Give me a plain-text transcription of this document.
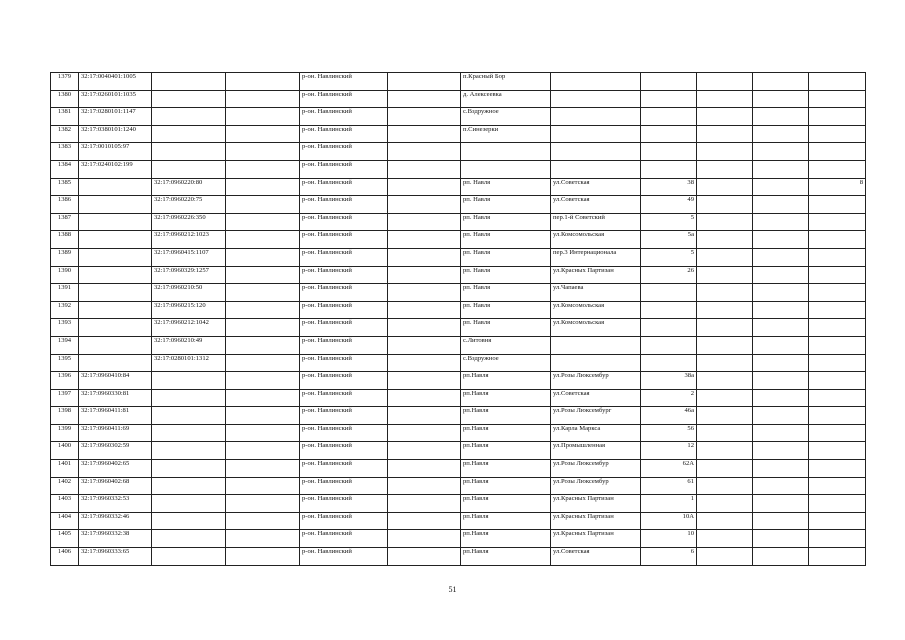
1379	32:17:0040401:1005			р-он. Навлинский		п.Красный Бор					
1380	32:17:0260101:1035			р-он. Навлинский		д. Алексеевка					
1381	32:17:0280101:1147			р-он. Навлинский		с.Вздружное					
1382	32:17:0380101:1240			р-он. Навлинский		п.Синезерки					
1383	32:17:0010105:97			р-он. Навлинский							
1384	32:17:0240102:199			р-он. Навлинский							
1385		32:17:0960220:80		р-он. Навлинский		рп. Навля	ул.Советская	38			8
1386		32:17:0960220:75		р-он. Навлинский		рп. Навля	ул.Советская	49			
1387		32:17:0960226:350		р-он. Навлинский		рп. Навля	пер.1-й Советский	5			
1388		32:17:0960212:1023		р-он. Навлинский		рп. Навля	ул.Комсомольская	5а			
1389		32:17:0960415:1107		р-он. Навлинский		рп. Навля	пер.3 Интернационала	5			
1390		32:17:0960329:1257		р-он. Навлинский		рп. Навля	ул.Красных Партизан	26			
1391		32:17:0960210:50		р-он. Навлинский		рп. Навля	ул.Чапаева				
1392		32:17:0960215:120		р-он. Навлинский		рп. Навля	ул.Комсомольская				
1393		32:17:0960212:1042		р-он. Навлинский		рп. Навля	ул.Комсомольская				
1394		32:17:0960210:49		р-он. Навлинский		с.Литовня					
1395		32:17:0280101:1312		р-он. Навлинский		с.Вздружное					
1396	32:17:0960410:84			р-он. Навлинский		рп.Навля	ул.Розы Люксембур	38а			
1397	32:17:0960330:81			р-он. Навлинский		рп.Навля	ул.Советская	2			
1398	32:17:0960411:81			р-он. Навлинский		рп.Навля	ул.Розы Люксембург	46а			
1399	32:17:0960411:69			р-он. Навлинский		рп.Навля	ул.Карла Маркса	56			
1400	32:17:0960302:59			р-он. Навлинский		рп.Навля	ул.Промышленная	12			
1401	32:17:0960402:65			р-он. Навлинский		рп.Навля	ул.Розы Люксембур	62А			
1402	32:17:0960402:68			р-он. Навлинский		рп.Навля	ул.Розы Люксембур	61			
1403	32:17:0960332:53			р-он. Навлинский		рп.Навля	ул.Красных Партизан	1			
1404	32:17:0960332:46			р-он. Навлинский		рп.Навля	ул.Красных Партизан	10А			
1405	32:17:0960332:38			р-он. Навлинский		рп.Навля	ул.Красных Партизан	10			
1406	32:17:0960333:65			р-он. Навлинский		рп.Навля	ул.Советская	6			
51
